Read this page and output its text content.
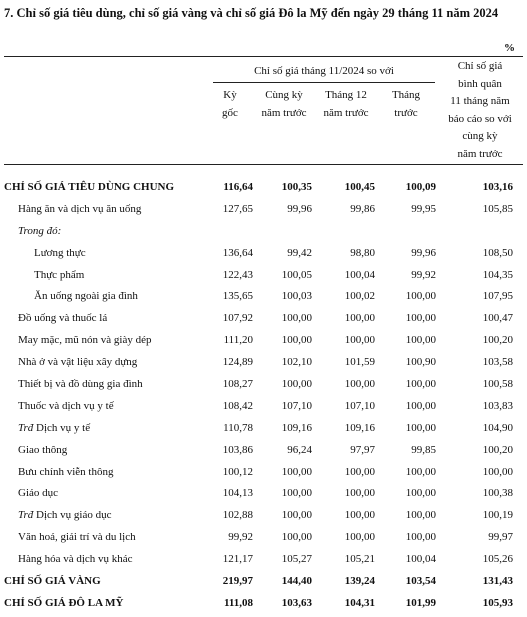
7. Chỉ số giá tiêu dùng, chỉ số giá vàng và chỉ số giá Đô la Mỹ đến ngày 29 tháng 11 năm 2024
%
Chỉ số giá tháng 11/2024 so với
Kỳ
gốc
Cùng kỳ
năm trước
Tháng 12
năm trước
Tháng
trước
Chỉ số giá
bình quân
11 tháng năm
báo cáo so với
cùng kỳ
năm trước
CHỈ SỐ GIÁ TIÊU DÙNG CHUNG	116,64	100,35	100,45	100,09	103,16
Hàng ăn và dịch vụ ăn uống	127,65	99,96	99,86	99,95	105,85
Trong đó:
Lương thực	136,64	99,42	98,80	99,96	108,50
Thực phẩm	122,43	100,05	100,04	99,92	104,35
Ăn uống ngoài gia đình	135,65	100,03	100,02	100,00	107,95
Đồ uống và thuốc lá	107,92	100,00	100,00	100,00	100,47
May mặc, mũ nón và giày dép	111,20	100,00	100,00	100,00	100,20
Nhà ở và vật liệu xây dựng	124,89	102,10	101,59	100,90	103,58
Thiết bị và đồ dùng gia đình	108,27	100,00	100,00	100,00	100,58
Thuốc và dịch vụ y tế	108,42	107,10	107,10	100,00	103,83
Trđ Dịch vụ y tế	110,78	109,16	109,16	100,00	104,90
Giao thông	103,86	96,24	97,97	99,85	100,20
Bưu chính viễn thông	100,12	100,00	100,00	100,00	100,00
Giáo dục	104,13	100,00	100,00	100,00	100,38
Trđ Dịch vụ giáo dục	102,88	100,00	100,00	100,00	100,19
Văn hoá, giải trí và du lịch	99,92	100,00	100,00	100,00	99,97
Hàng hóa và dịch vụ khác	121,17	105,27	105,21	100,04	105,26
CHỈ SỐ GIÁ VÀNG	219,97	144,40	139,24	103,54	131,43
CHỈ SỐ GIÁ ĐÔ LA MỸ	111,08	103,63	104,31	101,99	105,93
